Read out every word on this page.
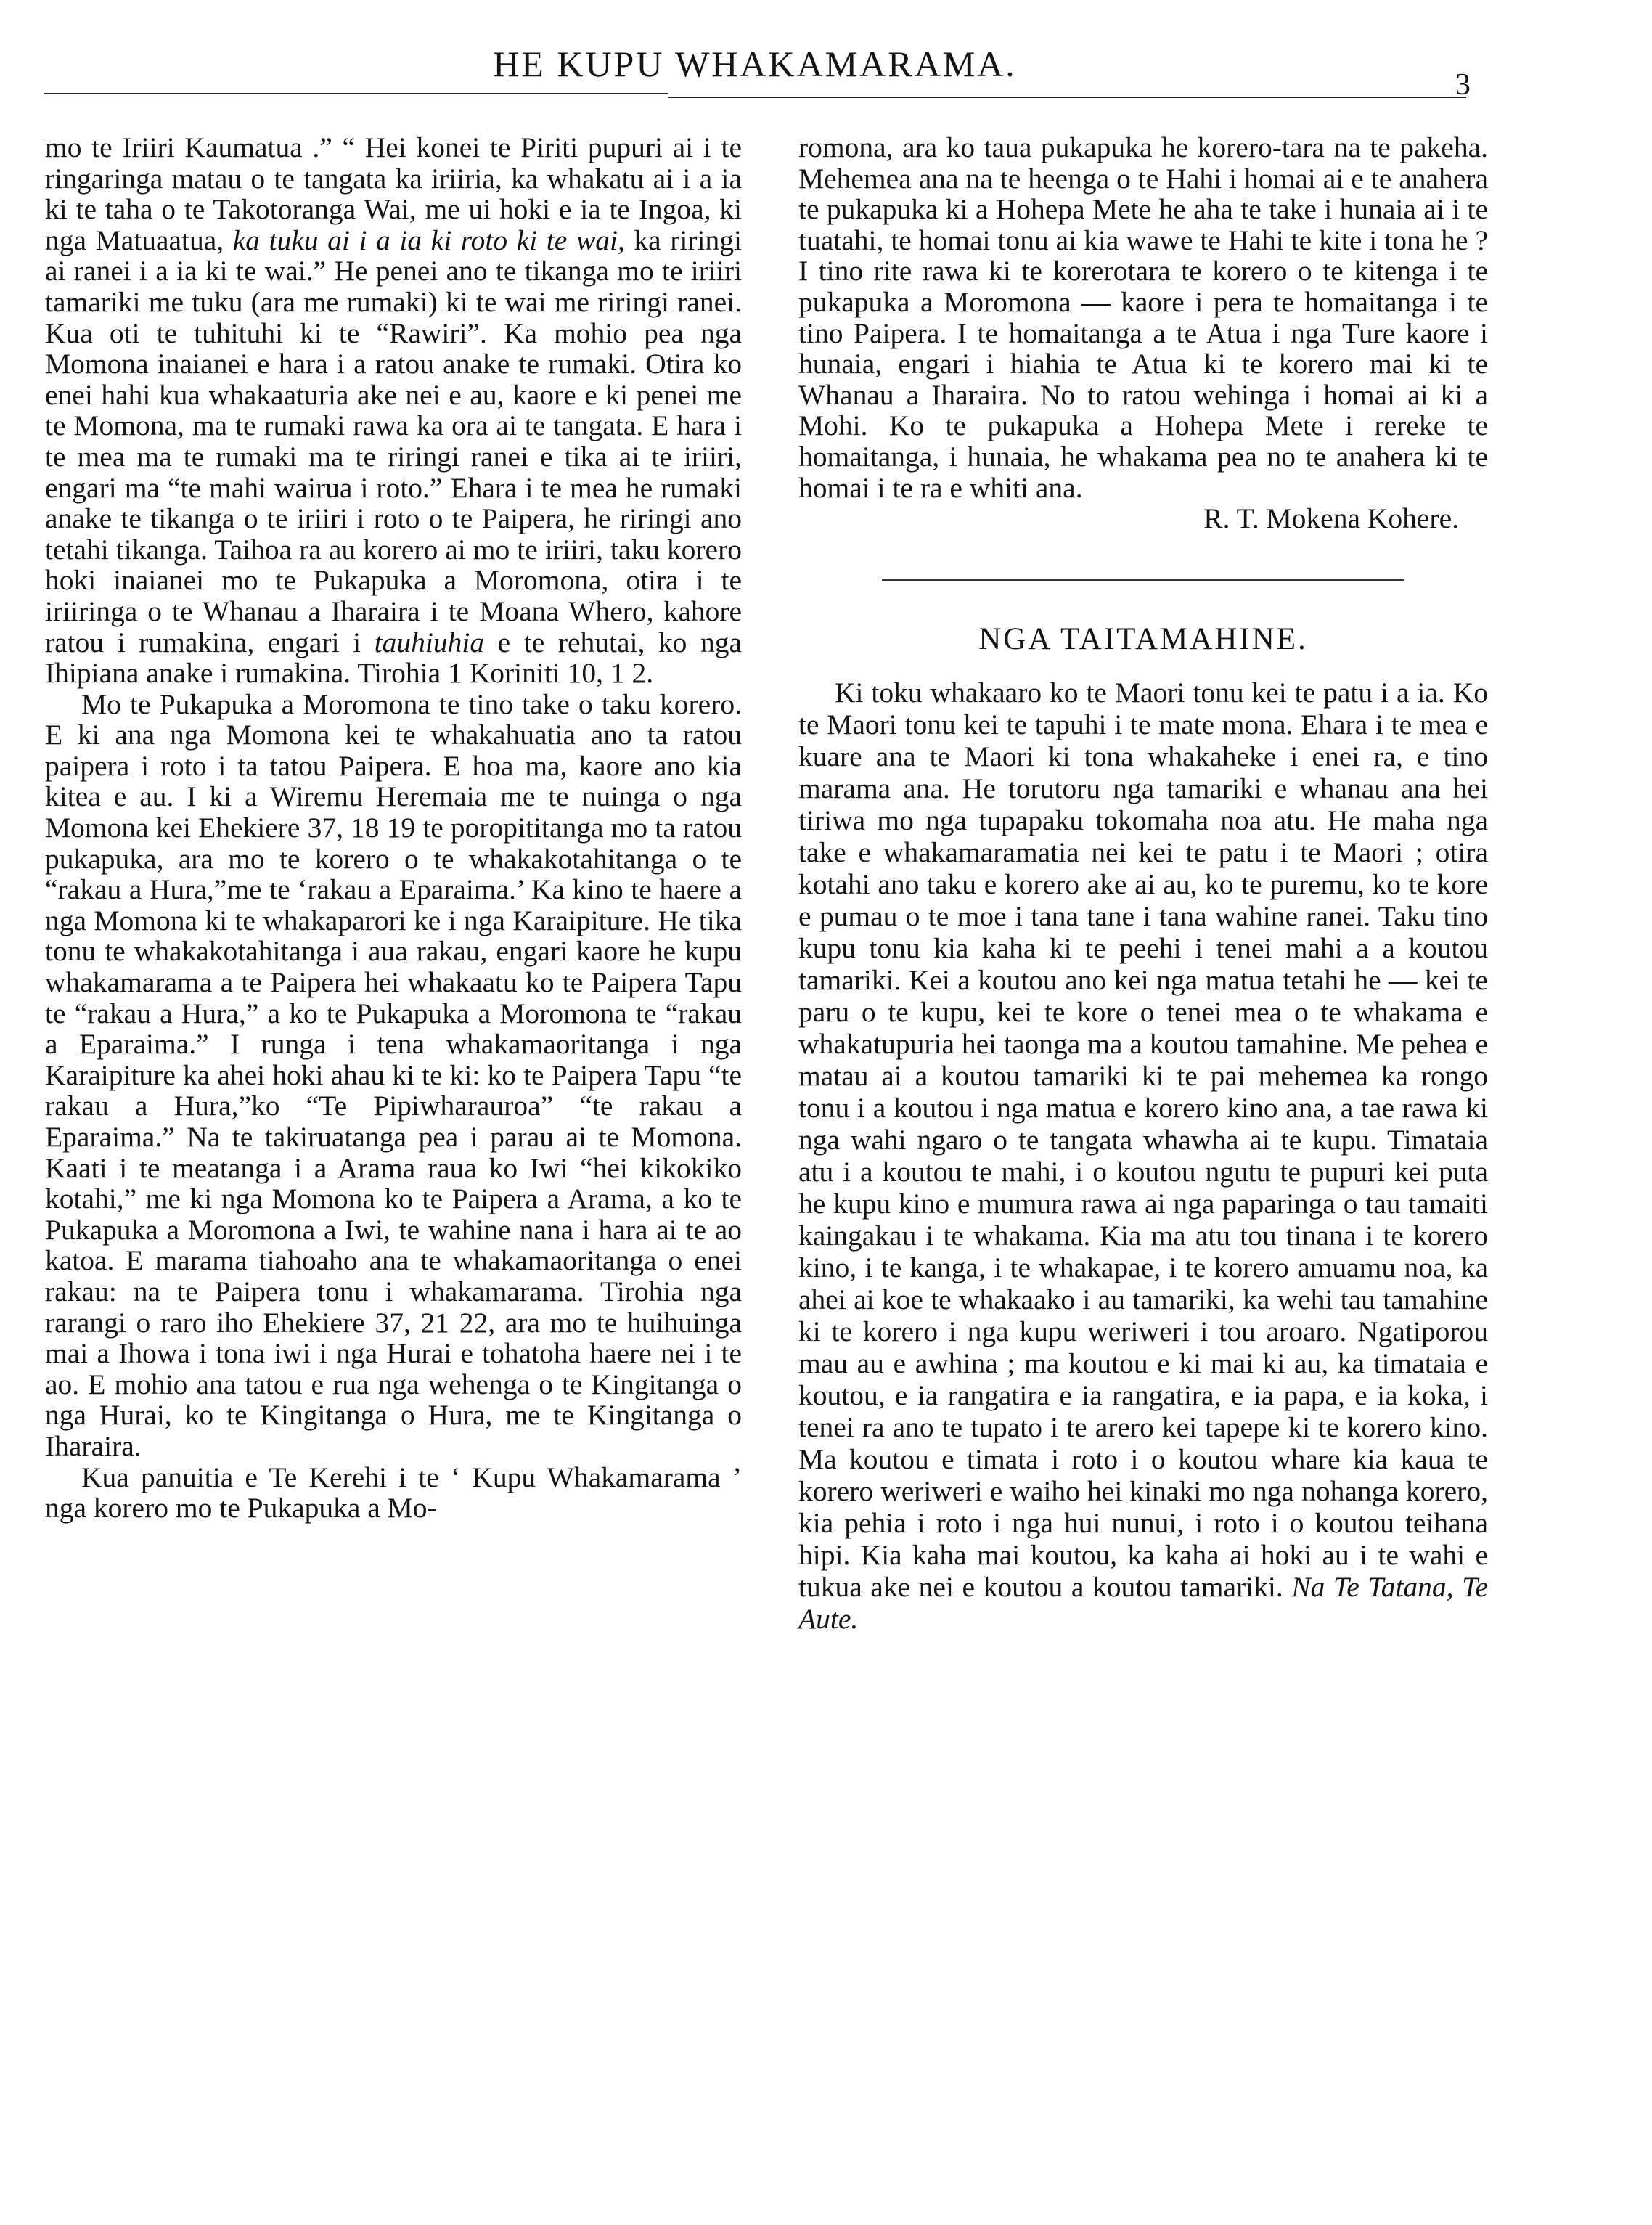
HE KUPU WHAKAMARAMA.
3

mo te Iriiri Kaumatua .” “ Hei konei te Piriti pupuri ai i te ringaringa matau o te tangata ka iriiria, ka whakatu ai i a ia ki te taha o te Takotoranga Wai, me ui hoki e ia te Ingoa, ki nga Matuaatua, ka tuku ai i a ia ki roto ki te wai, ka riringi ai ranei i a ia ki te wai.” He penei ano te tikanga mo te iriiri tamariki me tuku (ara me rumaki) ki te wai me riringi ranei. Kua oti te tuhituhi ki te “Rawiri”. Ka mohio pea nga Momona inaianei e hara i a ratou anake te rumaki. Otira ko enei hahi kua whakaaturia ake nei e au, kaore e ki penei me te Momona, ma te rumaki rawa ka ora ai te tangata. E hara i te mea ma te rumaki ma te riringi ranei e tika ai te iriiri, engari ma “te mahi wairua i roto.” Ehara i te mea he rumaki anake te tikanga o te iriiri i roto o te Paipera, he riringi ano tetahi tikanga. Taihoa ra au korero ai mo te iriiri, taku korero hoki inaianei mo te Pukapuka a Moromona, otira i te iriiringa o te Whanau a Iharaira i te Moana Whero, kahore ratou i rumakina, engari i tauhiuhia e te rehutai, ko nga Ihipiana anake i rumakina. Tirohia 1 Koriniti 10, 1 2.

Mo te Pukapuka a Moromona te tino take o taku korero. E ki ana nga Momona kei te whakahuatia ano ta ratou paipera i roto i ta tatou Paipera. E hoa ma, kaore ano kia kitea e au. I ki a Wiremu Heremaia me te nuinga o nga Momona kei Ehekiere 37, 18 19 te poropititanga mo ta ratou pukapuka, ara mo te korero o te whakakotahitanga o te “rakau a Hura,”me te ‘rakau a Eparaima.’ Ka kino te haere a nga Momona ki te whakaparori ke i nga Karaipiture. He tika tonu te whakakotahitanga i aua rakau, engari kaore he kupu whakamarama a te Paipera hei whakaatu ko te Paipera Tapu te “rakau a Hura,” a ko te Pukapuka a Moromona te “rakau a Eparaima.” I runga i tena whakamaoritanga i nga Karaipiture ka ahei hoki ahau ki te ki: ko te Paipera Tapu “te rakau a Hura,”ko “Te Pipiwharauroa” “te rakau a Eparaima.” Na te takiruatanga pea i parau ai te Momona. Kaati i te meatanga i a Arama raua ko Iwi “hei kikokiko kotahi,” me ki nga Momona ko te Paipera a Arama, a ko te Pukapuka a Moromona a Iwi, te wahine nana i hara ai te ao katoa. E marama tiahoaho ana te whakamaoritanga o enei rakau: na te Paipera tonu i whakamarama. Tirohia nga rarangi o raro iho Ehekiere 37, 21 22, ara mo te huihuinga mai a Ihowa i tona iwi i nga Hurai e tohatoha haere nei i te ao. E mohio ana tatou e rua nga wehenga o te Kingitanga o nga Hurai, ko te Kingitanga o Hura, me te Kingitanga o Iharaira.

Kua panuitia e Te Kerehi i te ‘ Kupu Whakamarama ’ nga korero mo te Pukapuka a Mo-

romona, ara ko taua pukapuka he korero-tara na te pakeha. Mehemea ana na te heenga o te Hahi i homai ai e te anahera te pukapuka ki a Hohepa Mete he aha te take i hunaia ai i te tuatahi, te homai tonu ai kia wawe te Hahi te kite i tona he ? I tino rite rawa ki te korerotara te korero o te kitenga i te pukapuka a Moromona — kaore i pera te homaitanga i te tino Paipera. I te homaitanga a te Atua i nga Ture kaore i hunaia, engari i hiahia te Atua ki te korero mai ki te Whanau a Iharaira. No to ratou wehinga i homai ai ki a Mohi. Ko te pukapuka a Hohepa Mete i rereke te homaitanga, i hunaia, he whakama pea no te anahera ki te homai i te ra e whiti ana.

R. T. Mokena Kohere.

NGA TAITAMAHINE.

Ki toku whakaaro ko te Maori tonu kei te patu i a ia. Ko te Maori tonu kei te tapuhi i te mate mona. Ehara i te mea e kuare ana te Maori ki tona whakaheke i enei ra, e tino marama ana. He torutoru nga tamariki e whanau ana hei tiriwa mo nga tupapaku tokomaha noa atu. He maha nga take e whakamaramatia nei kei te patu i te Maori ; otira kotahi ano taku e korero ake ai au, ko te puremu, ko te kore e pumau o te moe i tana tane i tana wahine ranei. Taku tino kupu tonu kia kaha ki te peehi i tenei mahi a a koutou tamariki. Kei a koutou ano kei nga matua tetahi he — kei te paru o te kupu, kei te kore o tenei mea o te whakama e whakatupuria hei taonga ma a koutou tamahine. Me pehea e matau ai a koutou tamariki ki te pai mehemea ka rongo tonu i a koutou i nga matua e korero kino ana, a tae rawa ki nga wahi ngaro o te tangata whawha ai te kupu. Timataia atu i a koutou te mahi, i o koutou ngutu te pupuri kei puta he kupu kino e mumura rawa ai nga paparinga o tau tamaiti kaingakau i te whakama. Kia ma atu tou tinana i te korero kino, i te kanga, i te whakapae, i te korero amuamu noa, ka ahei ai koe te whakaako i au tamariki, ka wehi tau tamahine ki te korero i nga kupu weriweri i tou aroaro. Ngatiporou mau au e awhina ; ma koutou e ki mai ki au, ka timataia e koutou, e ia rangatira e ia rangatira, e ia papa, e ia koka, i tenei ra ano te tupato i te arero kei tapepe ki te korero kino. Ma koutou e timata i roto i o koutou whare kia kaua te korero weriweri e waiho hei kinaki mo nga nohanga korero, kia pehia i roto i nga hui nunui, i roto i o koutou teihana hipi. Kia kaha mai koutou, ka kaha ai hoki au i te wahi e tukua ake nei e koutou a koutou tamariki. Na Te Tatana, Te Aute.
